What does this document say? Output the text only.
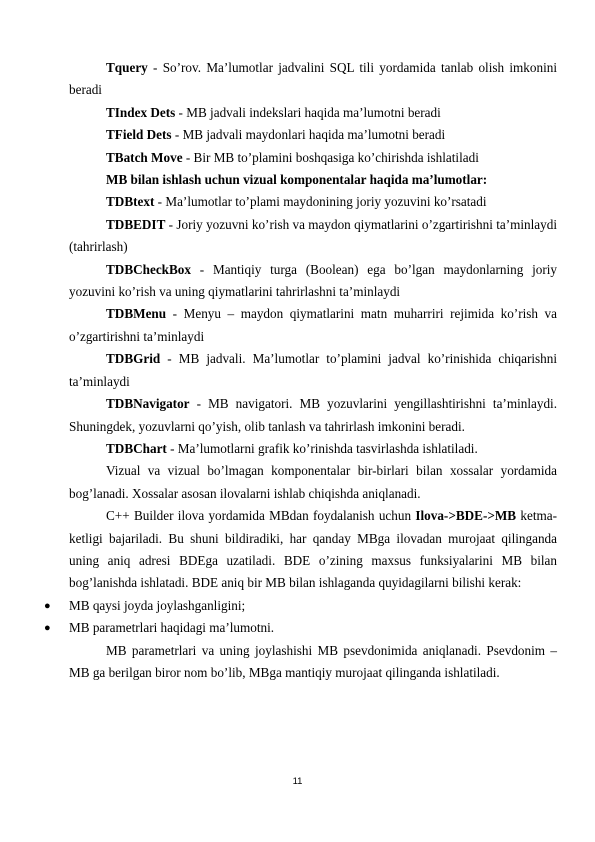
Tquery - So’rov. Ma’lumotlar jadvalini SQL tili yordamida tanlab olish imkonini beradi

TIndex Dets - MB jadvali indekslari haqida ma’lumotni beradi

TField Dets - MB jadvali maydonlari haqida ma’lumotni beradi

TBatch Move - Bir MB to’plamini boshqasiga ko’chirishda ishlatiladi

MB bilan ishlash uchun vizual komponentalar haqida ma’lumotlar:

TDBtext - Ma’lumotlar to’plami maydonining joriy yozuvini ko’rsatadi

TDBEDIT - Joriy yozuvni ko’rish va maydon qiymatlarini o’zgartirishni ta’minlaydi (tahrirlash)

TDBCheckBox - Mantiqiy turga (Boolean) ega bo’lgan maydonlarning joriy yozuvini ko’rish va uning qiymatlarini tahrirlashni ta’minlaydi

TDBMenu - Menyu – maydon qiymatlarini matn muharriri rejimida ko’rish va o’zgartirishni ta’minlaydi

TDBGrid - MB jadvali. Ma’lumotlar to’plamini jadval ko’rinishida chiqarishni ta’minlaydi

TDBNavigator - MB navigatori. MB yozuvlarini yengillashtirishni ta’minlaydi. Shuningdek, yozuvlarni qo’yish, olib tanlash va tahrirlash imkonini beradi.

TDBChart - Ma’lumotlarni grafik ko’rinishda tasvirlashda ishlatiladi.

Vizual va vizual bo’lmagan komponentalar bir-birlari bilan xossalar yordamida bog’lanadi. Xossalar asosan ilovalarni ishlab chiqishda aniqlanadi.

C++ Builder ilova yordamida MBdan foydalanish uchun Ilova->BDE->MB ketma-ketligi bajariladi. Bu shuni bildiradiki, har qanday MBga ilovadan murojaat qilinganda uning aniq adresi BDEga uzatiladi. BDE o’zining maxsus funksiyalarini MB bilan bog’lanishda ishlatadi. BDE aniq bir MB bilan ishlaganda quyidagilarni bilishi kerak:

● MB qaysi joyda joylashganligini;

● MB parametrlari haqidagi ma’lumotni.

MB parametrlari va uning joylashishi MB psevdonimida aniqlanadi. Psevdonim – MB ga berilgan biror nom bo’lib, MBga mantiqiy murojaat qilinganda ishlatiladi.

11
